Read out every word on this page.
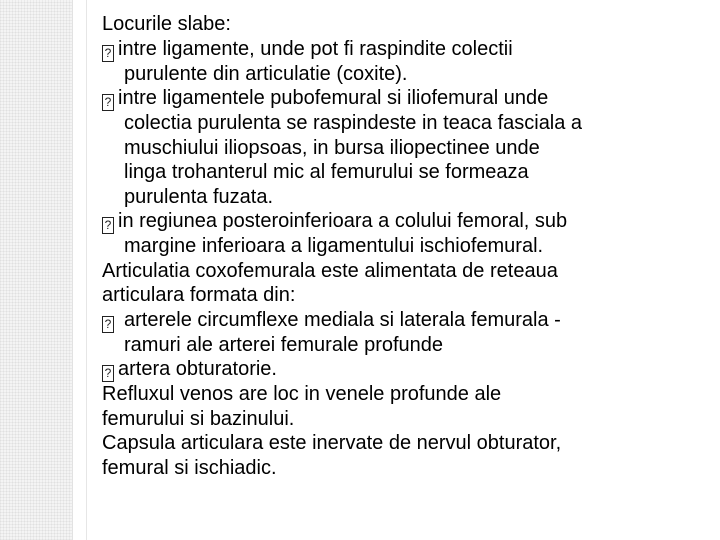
Locurile slabe:

? intre ligamente, unde pot fi raspindite colectii

purulente din articulatie (coxite).

? intre ligamentele pubofemural si iliofemural unde

colectia purulenta se raspindeste in teaca fasciala a

muschiului iliopsoas, in bursa iliopectinee unde

linga trohanterul mic al femurului se formeaza

purulenta fuzata.

? in regiunea posteroinferioara a colului femoral, sub

margine inferioara a ligamentului ischiofemural.

Articulatia coxofemurala este alimentata de reteaua

articulara formata din:

? arterele circumflexe mediala si laterala femurala -

ramuri ale arterei femurale profunde

? artera obturatorie.

Refluxul venos are loc in venele profunde ale

femurului si bazinului.

Capsula articulara este inervate de nervul obturator,

femural si ischiadic.
